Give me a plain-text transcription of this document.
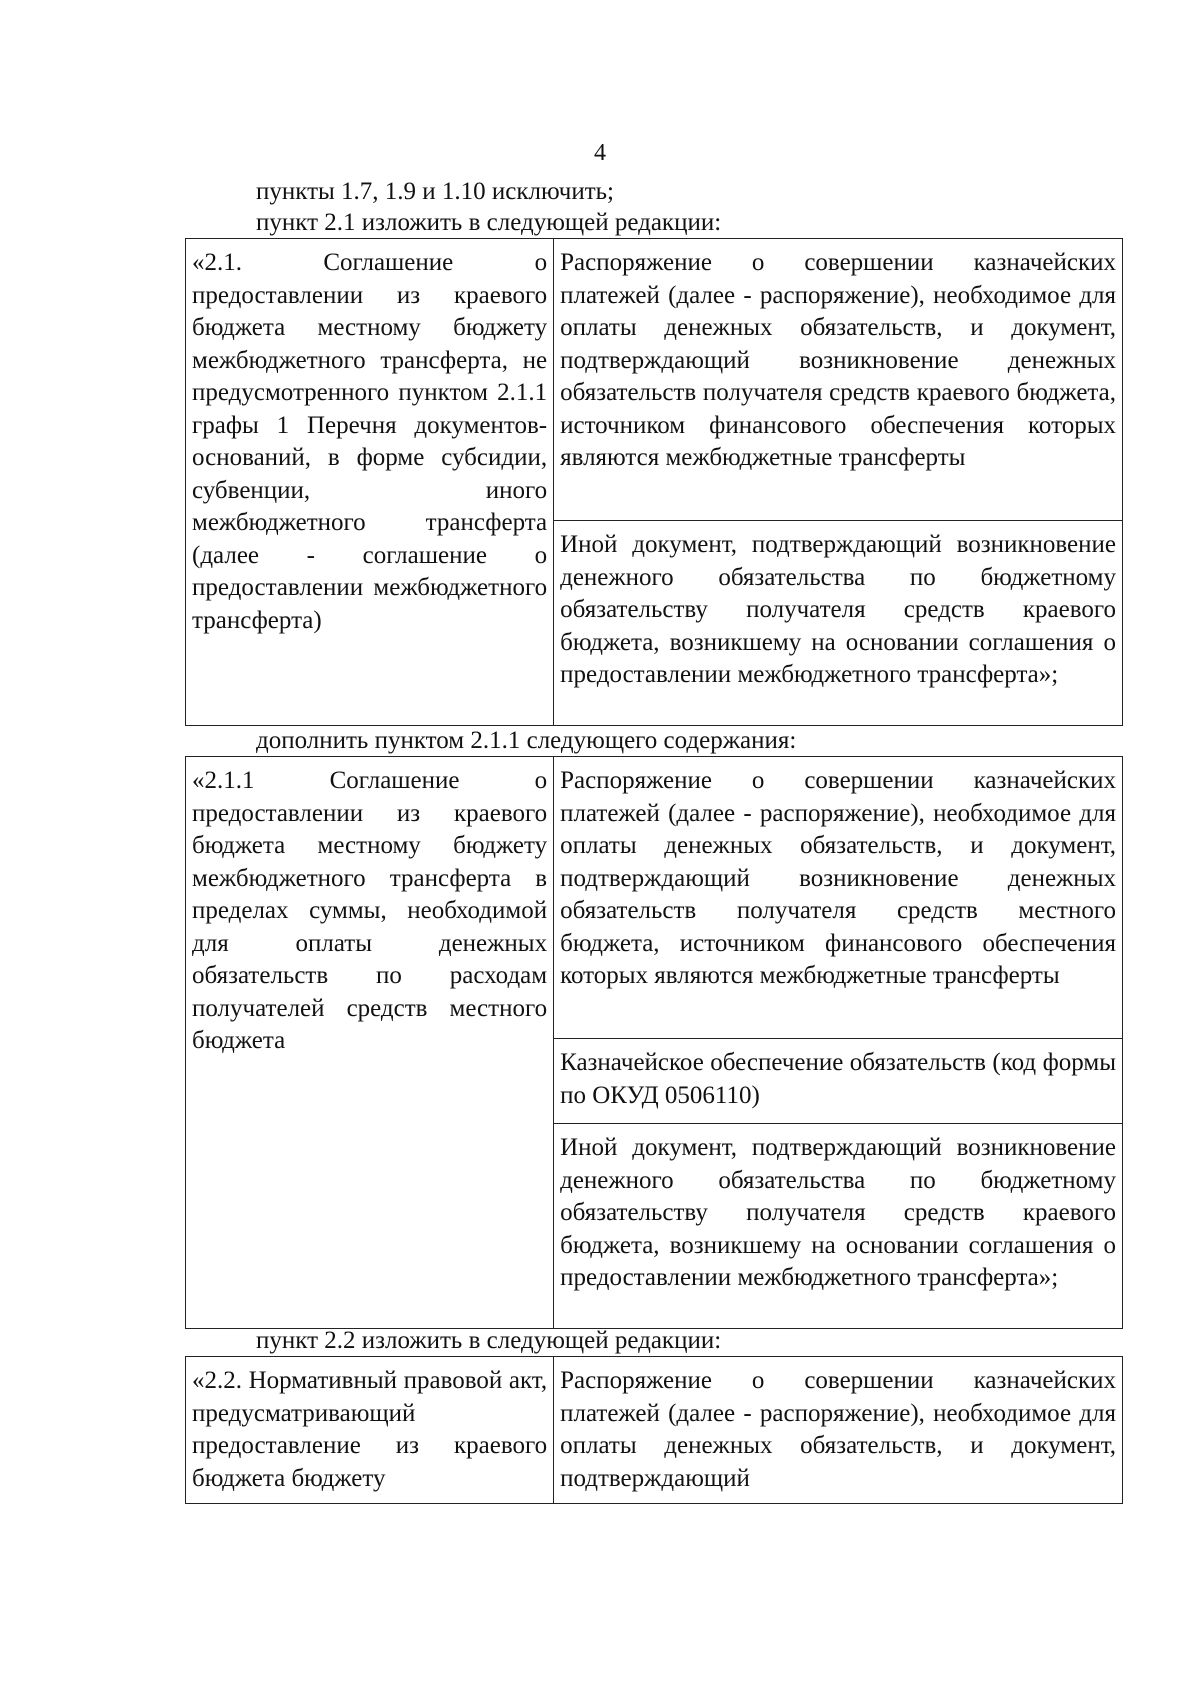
4
пункты 1.7, 1.9 и 1.10 исключить;
пункт 2.1 изложить в следующей редакции:
«2.1. Соглашение о предоставлении из краевого бюджета местному бюджету межбюджетного трансферта, не предусмотренного пунктом 2.1.1 графы 1 Перечня документов-оснований, в форме субсидии, субвенции, иного межбюджетного трансферта (далее - соглашение о предоставлении межбюджетного трансферта)	Распоряжение о совершении казначейских платежей (далее - распоряжение), необходимое для оплаты денежных обязательств, и документ, подтверждающий возникновение денежных обязательств получателя средств краевого бюджета, источником финансового обеспечения которых являются межбюджетные трансферты
Иной документ, подтверждающий возникновение денежного обязательства по бюджетному обязательству получателя средств краевого бюджета, возникшему на основании соглашения о предоставлении межбюджетного трансферта»;
дополнить пунктом 2.1.1 следующего содержания:
«2.1.1 Соглашение о предоставлении из краевого бюджета местному бюджету межбюджетного трансферта в пределах суммы, необходимой для оплаты денежных обязательств по расходам получателей средств местного бюджета	Распоряжение о совершении казначейских платежей (далее - распоряжение), необходимое для оплаты денежных обязательств, и документ, подтверждающий возникновение денежных обязательств получателя средств местного бюджета, источником финансового обеспечения которых являются межбюджетные трансферты
Казначейское обеспечение обязательств (код формы по ОКУД 0506110)
Иной документ, подтверждающий возникновение денежного обязательства по бюджетному обязательству получателя средств краевого бюджета, возникшему на основании соглашения о предоставлении межбюджетного трансферта»;
пункт 2.2 изложить в следующей редакции:
«2.2. Нормативный правовой акт, предусматривающий предоставление из краевого бюджета бюджету	Распоряжение о совершении казначейских платежей (далее - распоряжение), необходимое для оплаты денежных обязательств, и документ, подтверждающий
